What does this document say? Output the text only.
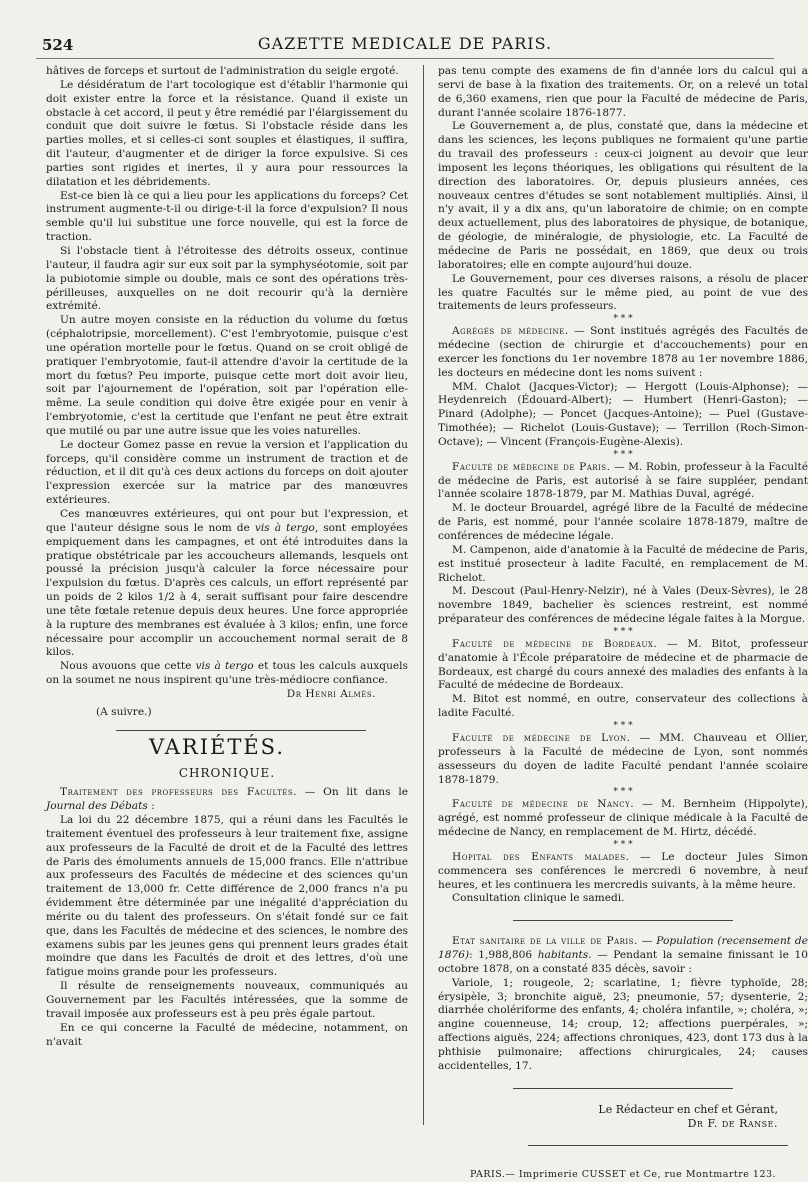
524	GAZETTE MEDICALE DE PARIS.

hâtives de forceps et surtout de l'administration du seigle ergoté.

Le désidératum de l'art tocologique est d'établir l'harmonie qui doit exister entre la force et la résistance. Quand il existe un obstacle à cet accord, il peut y être remédié par l'élargissement du conduit que doit suivre le fœtus. Si l'obstacle réside dans les parties molles, et si celles-ci sont souples et élastiques, il suffira, dit l'auteur, d'augmenter et de diriger la force expulsive. Si ces parties sont rigides et inertes, il y aura pour ressources la dilatation et les débridements.

Est-ce bien là ce qui a lieu pour les applications du forceps? Cet instrument augmente-t-il ou dirige-t-il la force d'expulsion? Il nous semble qu'il lui substitue une force nouvelle, qui est la force de traction.

Si l'obstacle tient à l'étroitesse des détroits osseux, continue l'auteur, il faudra agir sur eux soit par la symphyséotomie, soit par la pubiotomie simple ou double, mais ce sont des opérations très-périlleuses, auxquelles on ne doit recourir qu'à la dernière extrémité.

Un autre moyen consiste en la réduction du volume du fœtus (céphalotripsie, morcellement). C'est l'embryotomie, puisque c'est une opération mortelle pour le fœtus. Quand on se croit obligé de pratiquer l'embryotomie, faut-il attendre d'avoir la certitude de la mort du fœtus? Peu importe, puisque cette mort doit avoir lieu, soit par l'ajournement de l'opération, soit par l'opération elle-même. La seule condition qui doive être exigée pour en venir à l'embryotomie, c'est la certitude que l'enfant ne peut être extrait que mutilé ou par une autre issue que les voies naturelles.

Le docteur Gomez passe en revue la version et l'application du forceps, qu'il considère comme un instrument de traction et de réduction, et il dit qu'à ces deux actions du forceps on doit ajouter l'expression exercée sur la matrice par des manœuvres extérieures.

Ces manœuvres extérieures, qui ont pour but l'expression, et que l'auteur désigne sous le nom de vis à tergo, sont employées empiquement dans les campagnes, et ont été introduites dans la pratique obstétricale par les accoucheurs allemands, lesquels ont poussé la précision jusqu'à calculer la force nécessaire pour l'expulsion du fœtus. D'après ces calculs, un effort représenté par un poids de 2 kilos 1/2 à 4, serait suffisant pour faire descendre une tête fœtale retenue depuis deux heures. Une force appropriée à la rupture des membranes est évaluée à 3 kilos; enfin, une force nécessaire pour accomplir un accouchement normal serait de 8 kilos.

Nous avouons que cette vis à tergo et tous les calculs auxquels on la soumet ne nous inspirent qu'une très-médiocre confiance.

Dr Henri Almès.
(A suivre.)
VARIÉTÉS.
CHRONIQUE.

Traitement des professeurs des Facultés. — On lit dans le Journal des Débats :

La loi du 22 décembre 1875, qui a réuni dans les Facultés le traitement éventuel des professeurs à leur traitement fixe, assigne aux professeurs de la Faculté de droit et de la Faculté des lettres de Paris des émoluments annuels de 15,000 francs. Elle n'attribue aux professeurs des Facultés de médecine et des sciences qu'un traitement de 13,000 fr. Cette différence de 2,000 francs n'a pu évidemment être déterminée par une inégalité d'appréciation du mérite ou du talent des professeurs. On s'était fondé sur ce fait que, dans les Facultés de médecine et des sciences, le nombre des examens subis par les jeunes gens qui prennent leurs grades était moindre que dans les Facultés de droit et des lettres, d'où une fatigue moins grande pour les professeurs.

Il résulte de renseignements nouveaux, communiqués au Gouvernement par les Facultés intéressées, que la somme de travail imposée aux professeurs est à peu près égale partout.

En ce qui concerne la Faculté de médecine, notamment, on n'avait

pas tenu compte des examens de fin d'année lors du calcul qui a servi de base à la fixation des traitements. Or, on a relevé un total de 6,360 examens, rien que pour la Faculté de médecine de Paris, durant l'année scolaire 1876-1877.

Le Gouvernement a, de plus, constaté que, dans la médecine et dans les sciences, les leçons publiques ne formaient qu'une partie du travail des professeurs : ceux-ci joignent au devoir que leur imposent les leçons théoriques, les obligations qui résultent de la direction des laboratoires. Or, depuis plusieurs années, ces nouveaux centres d'études se sont notablement multipliés. Ainsi, il n'y avait, il y a dix ans, qu'un laboratoire de chimie; on en compte deux actuellement, plus des laboratoires de physique, de botanique, de géologie, de minéralogie, de physiologie, etc. La Faculté de médecine de Paris ne possédait, en 1869, que deux ou trois laboratoires; elle en compte aujourd'hui douze.

Le Gouvernement, pour ces diverses raisons, a résolu de placer les quatre Facultés sur le même pied, au point de vue des traitements de leurs professeurs.

* * *

Agrégés de médecine. — Sont institués agrégés des Facultés de médecine (section de chirurgie et d'accouchements) pour en exercer les fonctions du 1er novembre 1878 au 1er novembre 1886, les docteurs en médecine dont les noms suivent :

MM. Chalot (Jacques-Victor); — Hergott (Louis-Alphonse); — Heydenreich (Édouard-Albert); — Humbert (Henri-Gaston); — Pinard (Adolphe); — Poncet (Jacques-Antoine); — Puel (Gustave-Timothée); — Richelot (Louis-Gustave); — Terrillon (Roch-Simon-Octave); — Vincent (François-Eugène-Alexis).

* * *

Faculté de médecine de Paris. — M. Robin, professeur à la Faculté de médecine de Paris, est autorisé à se faire suppléer, pendant l'année scolaire 1878-1879, par M. Mathias Duval, agrégé.

M. le docteur Brouardel, agrégé libre de la Faculté de médecine de Paris, est nommé, pour l'année scolaire 1878-1879, maître de conférences de médecine légale.

M. Campenon, aide d'anatomie à la Faculté de médecine de Paris, est institué prosecteur à ladite Faculté, en remplacement de M. Richelot.

M. Descout (Paul-Henry-Nelzir), né à Vales (Deux-Sèvres), le 28 novembre 1849, bachelier ès sciences restreint, est nommé préparateur des conférences de médecine légale faites à la Morgue.

* * *

Faculté de médecine de Bordeaux. — M. Bitot, professeur d'anatomie à l'École préparatoire de médecine et de pharmacie de Bordeaux, est chargé du cours annexé des maladies des enfants à la Faculté de médecine de Bordeaux.

M. Bitot est nommé, en outre, conservateur des collections à ladite Faculté.

* * *

Faculté de médecine de Lyon. — MM. Chauveau et Ollier, professeurs à la Faculté de médecine de Lyon, sont nommés assesseurs du doyen de ladite Faculté pendant l'année scolaire 1878-1879.

* * *

Faculté de médecine de Nancy. — M. Bernheim (Hippolyte), agrégé, est nommé professeur de clinique médicale à la Faculté de médecine de Nancy, en remplacement de M. Hirtz, décédé.

* * *

Hopital des Enfants malades. — Le docteur Jules Simon commencera ses conférences le mercredi 6 novembre, à neuf heures, et les continuera les mercredis suivants, à la même heure.

Consultation clinique le samedi.

Etat sanitaire de la ville de Paris. — Population (recensement de 1876): 1,988,806 habitants. — Pendant la semaine finissant le 10 octobre 1878, on a constaté 835 décès, savoir :

Variole, 1; rougeole, 2; scarlatine, 1; fièvre typhoïde, 28; érysipèle, 3; bronchite aiguë, 23; pneumonie, 57; dysenterie, 2; diarrhée cholériforme des enfants, 4; choléra infantile, »; choléra, »; angine couenneuse, 14; croup, 12; affections puerpérales, »; affections aiguës, 224; affections chroniques, 423, dont 173 dus à la phthisie pulmonaire; affections chirurgicales, 24; causes accidentelles, 17.

Le Rédacteur en chef et Gérant,
Dr F. de Ranse.
PARIS.— Imprimerie CUSSET et Ce, rue Montmartre 123.
